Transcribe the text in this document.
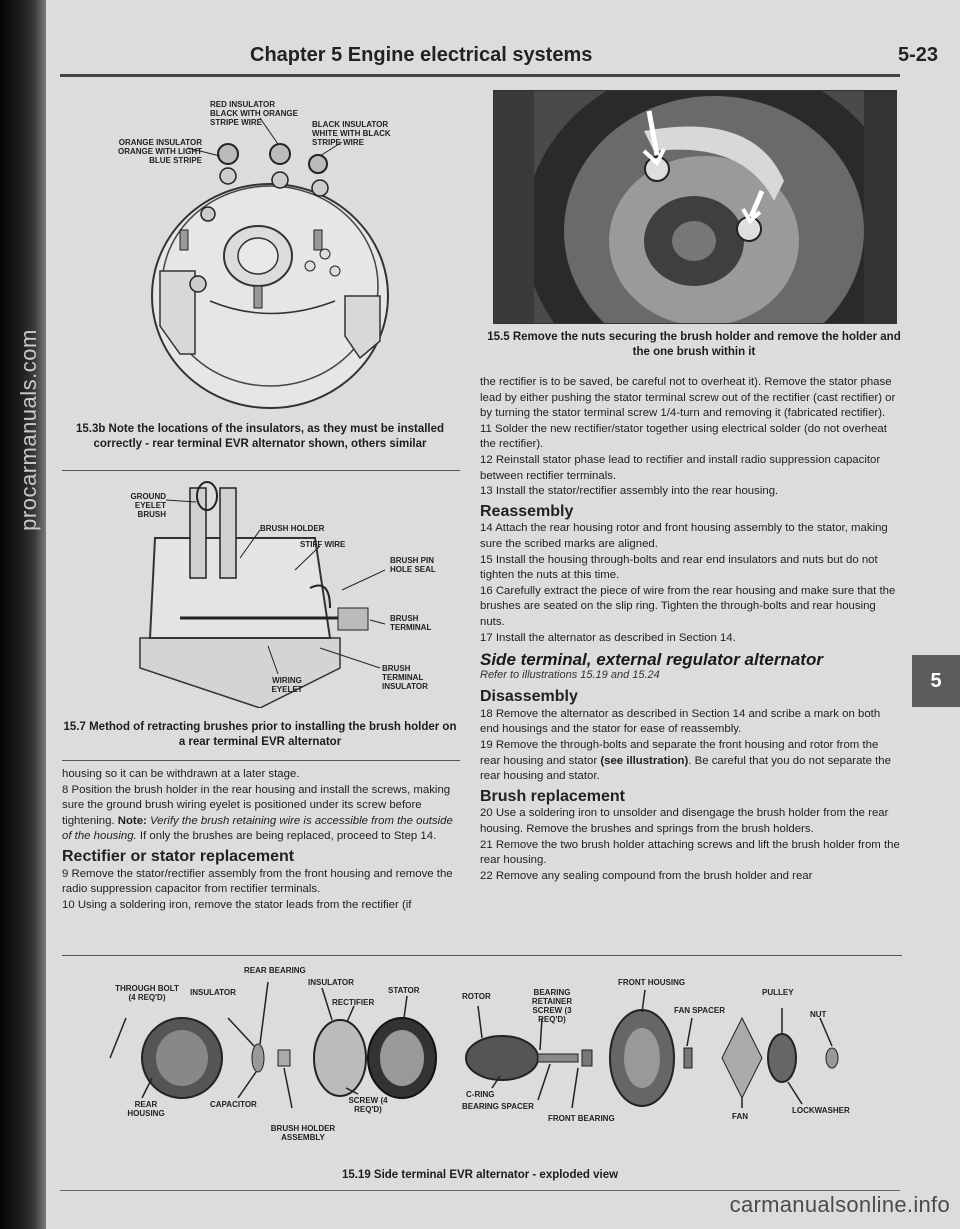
procarmanuals.com
Chapter 5 Engine electrical systems	5-23
5
RED INSULATOR BLACK WITH ORANGE STRIPE WIRE	BLACK INSULATOR WHITE WITH BLACK STRIPE WIRE
ORANGE INSULATOR ORANGE WITH LIGHT BLUE STRIPE
15.3b Note the locations of the insulators, as they must be installed correctly - rear terminal EVR alternator shown, others similar
GROUND EYELET BRUSH
BRUSH HOLDER
STIFF WIRE
BRUSH PIN HOLE SEAL
BRUSH TERMINAL
BRUSH TERMINAL INSULATOR
WIRING EYELET
15.7 Method of retracting brushes prior to installing the brush holder on a rear terminal EVR alternator

housing so it can be withdrawn at a later stage.

8 Position the brush holder in the rear housing and install the screws, making sure the ground brush wiring eyelet is positioned under its screw before tightening. Note: Verify the brush retaining wire is accessible from the outside of the housing. If only the brushes are being replaced, proceed to Step 14.

Rectifier or stator replacement

9 Remove the stator/rectifier assembly from the front housing and remove the radio suppression capacitor from rectifier terminals.

10 Using a soldering iron, remove the stator leads from the rectifier (if

15.5 Remove the nuts securing the brush holder and remove the holder and the one brush within it

the rectifier is to be saved, be careful not to overheat it). Remove the stator phase lead by either pushing the stator terminal screw out of the rectifier (cast rectifier) or by turning the stator terminal screw 1/4-turn and removing it (fabricated rectifier).

11 Solder the new rectifier/stator together using electrical solder (do not overheat the rectifier).

12 Reinstall stator phase lead to rectifier and install radio suppression capacitor between rectifier terminals.

13 Install the stator/rectifier assembly into the rear housing.

Reassembly

14 Attach the rear housing rotor and front housing assembly to the stator, making sure the scribed marks are aligned.

15 Install the housing through-bolts and rear end insulators and nuts but do not tighten the nuts at this time.

16 Carefully extract the piece of wire from the rear housing and make sure that the brushes are seated on the slip ring. Tighten the through-bolts and rear housing nuts.

17 Install the alternator as described in Section 14.

Side terminal, external regulator alternator
Refer to illustrations 15.19 and 15.24
Disassembly

18 Remove the alternator as described in Section 14 and scribe a mark on both end housings and the stator for ease of reassembly.

19 Remove the through-bolts and separate the front housing and rotor from the rear housing and stator (see illustration). Be careful that you do not separate the rear housing and stator.

Brush replacement

20 Use a soldering iron to unsolder and disengage the brush holder from the rear housing. Remove the brushes and springs from the brush holders.

21 Remove the two brush holder attaching screws and lift the brush holder from the rear housing.

22 Remove any sealing compound from the brush holder and rear

THROUGH BOLT (4 REQ'D)
INSULATOR
REAR BEARING
INSULATOR
RECTIFIER
STATOR
ROTOR	BEARING RETAINER SCREW (3 REQ'D)
FRONT HOUSING
FAN SPACER
PULLEY
NUT
REAR HOUSING
CAPACITOR
BRUSH HOLDER ASSEMBLY
SCREW (4 REQ'D)
C-RING
BEARING SPACER
FRONT BEARING	FAN
LOCKWASHER
15.19 Side terminal EVR alternator - exploded view
carmanualsonline.info
